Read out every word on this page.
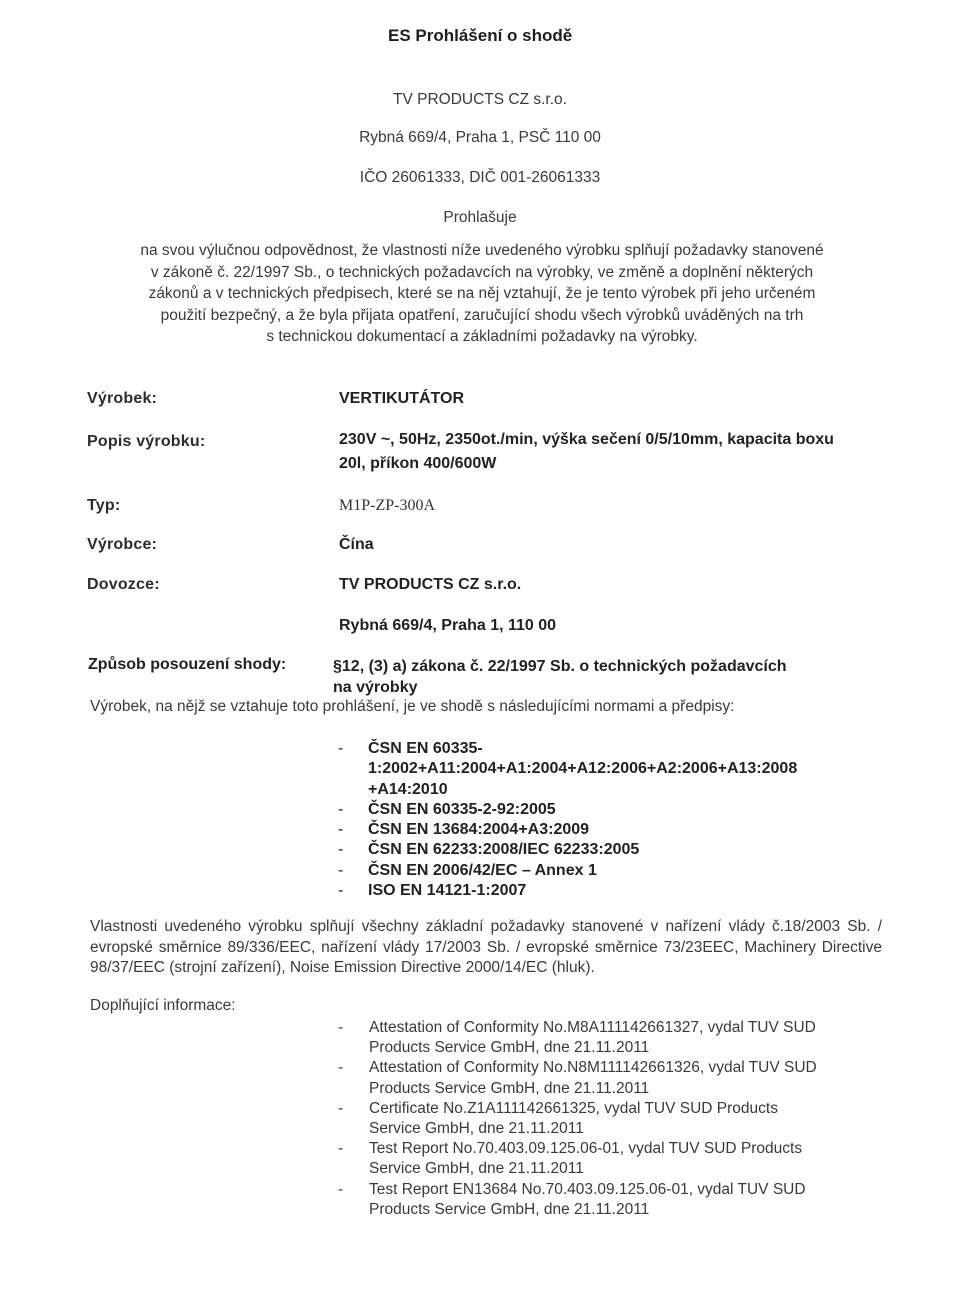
ES Prohlášení o shodě
TV PRODUCTS CZ s.r.o.
Rybná 669/4, Praha 1, PSČ 110 00
IČO 26061333, DIČ 001-26061333
Prohlašuje
na svou výlučnou odpovědnost, že vlastnosti níže uvedeného výrobku splňují požadavky stanovené
v zákoně č. 22/1997 Sb., o technických požadavcích na výrobky, ve změně a doplnění některých
zákonů a v technických předpisech, které se na něj vztahují, že je tento výrobek při jeho určeném
použití bezpečný, a že byla přijata opatření, zaručující shodu všech výrobků uváděných na trh
s technickou dokumentací a základními požadavky na výrobky.
Výrobek:	VERTIKUTÁTOR
Popis výrobku:	230V ~, 50Hz, 2350ot./min, výška sečení 0/5/10mm, kapacita boxu
20l, příkon 400/600W
Typ:	M1P-ZP-300A
Výrobce:	Čína
Dovozce:	TV PRODUCTS CZ s.r.o.
Rybná 669/4, Praha 1, 110 00
Způsob posouzení shody:	§12, (3) a) zákona č. 22/1997 Sb. o technických požadavcích
na výrobky
Výrobek, na nějž se vztahuje toto prohlášení, je ve shodě s následujícími normami a předpisy:
- ČSN EN 60335-
1:2002+A11:2004+A1:2004+A12:2006+A2:2006+A13:2008
+A14:2010
- ČSN EN 60335-2-92:2005
- ČSN EN 13684:2004+A3:2009
- ČSN EN 62233:2008/IEC 62233:2005
- ČSN EN 2006/42/EC – Annex 1
- ISO EN 14121-1:2007
Vlastnosti uvedeného výrobku splňují všechny základní požadavky stanovené v nařízení vlády č.18/2003 Sb. / evropské směrnice 89/336/EEC, nařízení vlády 17/2003 Sb. / evropské směrnice 73/23EEC, Machinery Directive 98/37/EEC (strojní zařízení), Noise Emission Directive 2000/14/EC (hluk).
Doplňující informace:
- Attestation of Conformity No.M8A111142661327, vydal TUV SUD
Products Service GmbH, dne 21.11.2011
- Attestation of Conformity No.N8M111142661326, vydal TUV SUD
Products Service GmbH, dne 21.11.2011
- Certificate No.Z1A111142661325, vydal TUV SUD Products
Service GmbH, dne 21.11.2011
- Test Report No.70.403.09.125.06-01, vydal TUV SUD Products
Service GmbH, dne 21.11.2011
- Test Report EN13684 No.70.403.09.125.06-01, vydal TUV SUD
Products Service GmbH, dne 21.11.2011
